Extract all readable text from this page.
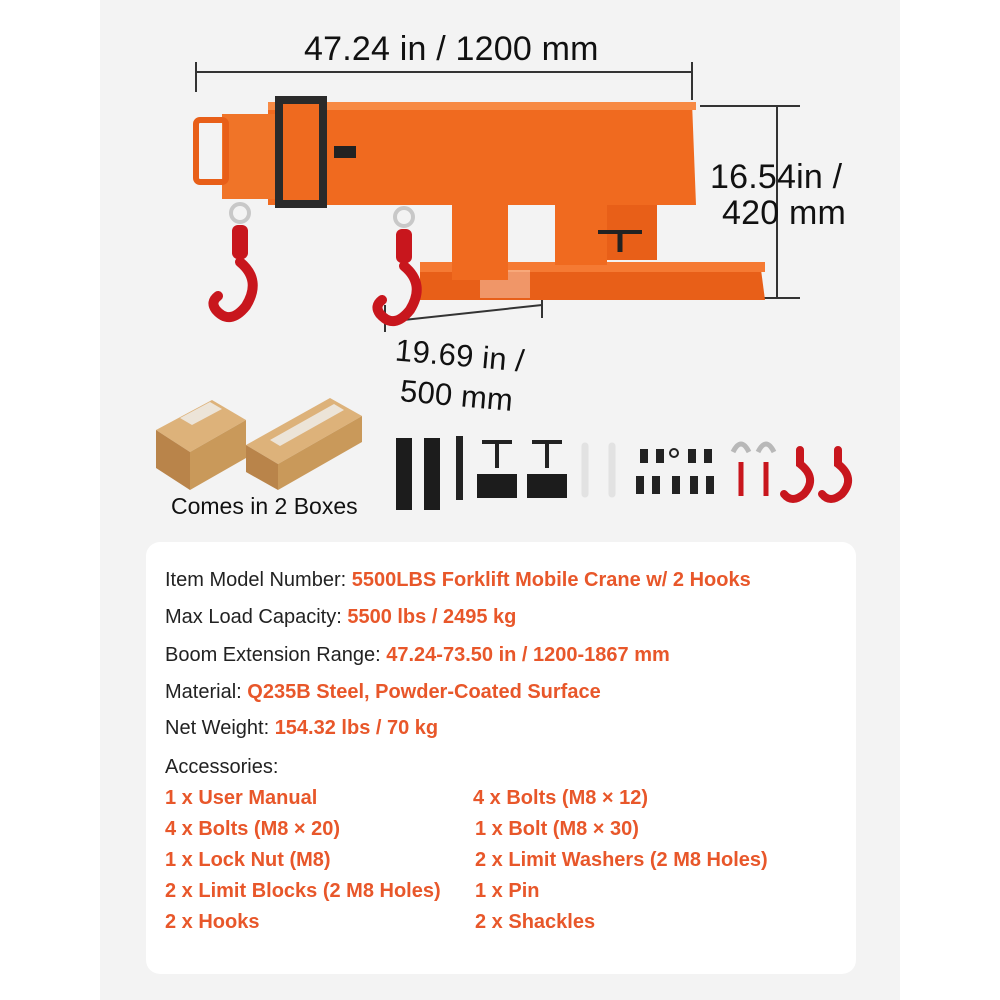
47.24 in / 1200 mm
16.54in /
420 mm
19.69 in /
500 mm
Comes in 2 Boxes
Item Model Number: 5500LBS Forklift Mobile Crane w/ 2 Hooks
Max Load Capacity: 5500 lbs / 2495 kg
Boom Extension Range: 47.24-73.50 in / 1200-1867 mm
Material: Q235B Steel, Powder-Coated Surface
Net Weight: 154.32 lbs / 70 kg
Accessories:
1 x User Manual
4 x Bolts (M8 × 20)
1 x Lock Nut (M8)
2 x Limit Blocks (2 M8 Holes)
2 x Hooks
4 x Bolts (M8 × 12)
1 x Bolt (M8 × 30)
2 x Limit Washers (2 M8 Holes)
1 x Pin
2 x Shackles
